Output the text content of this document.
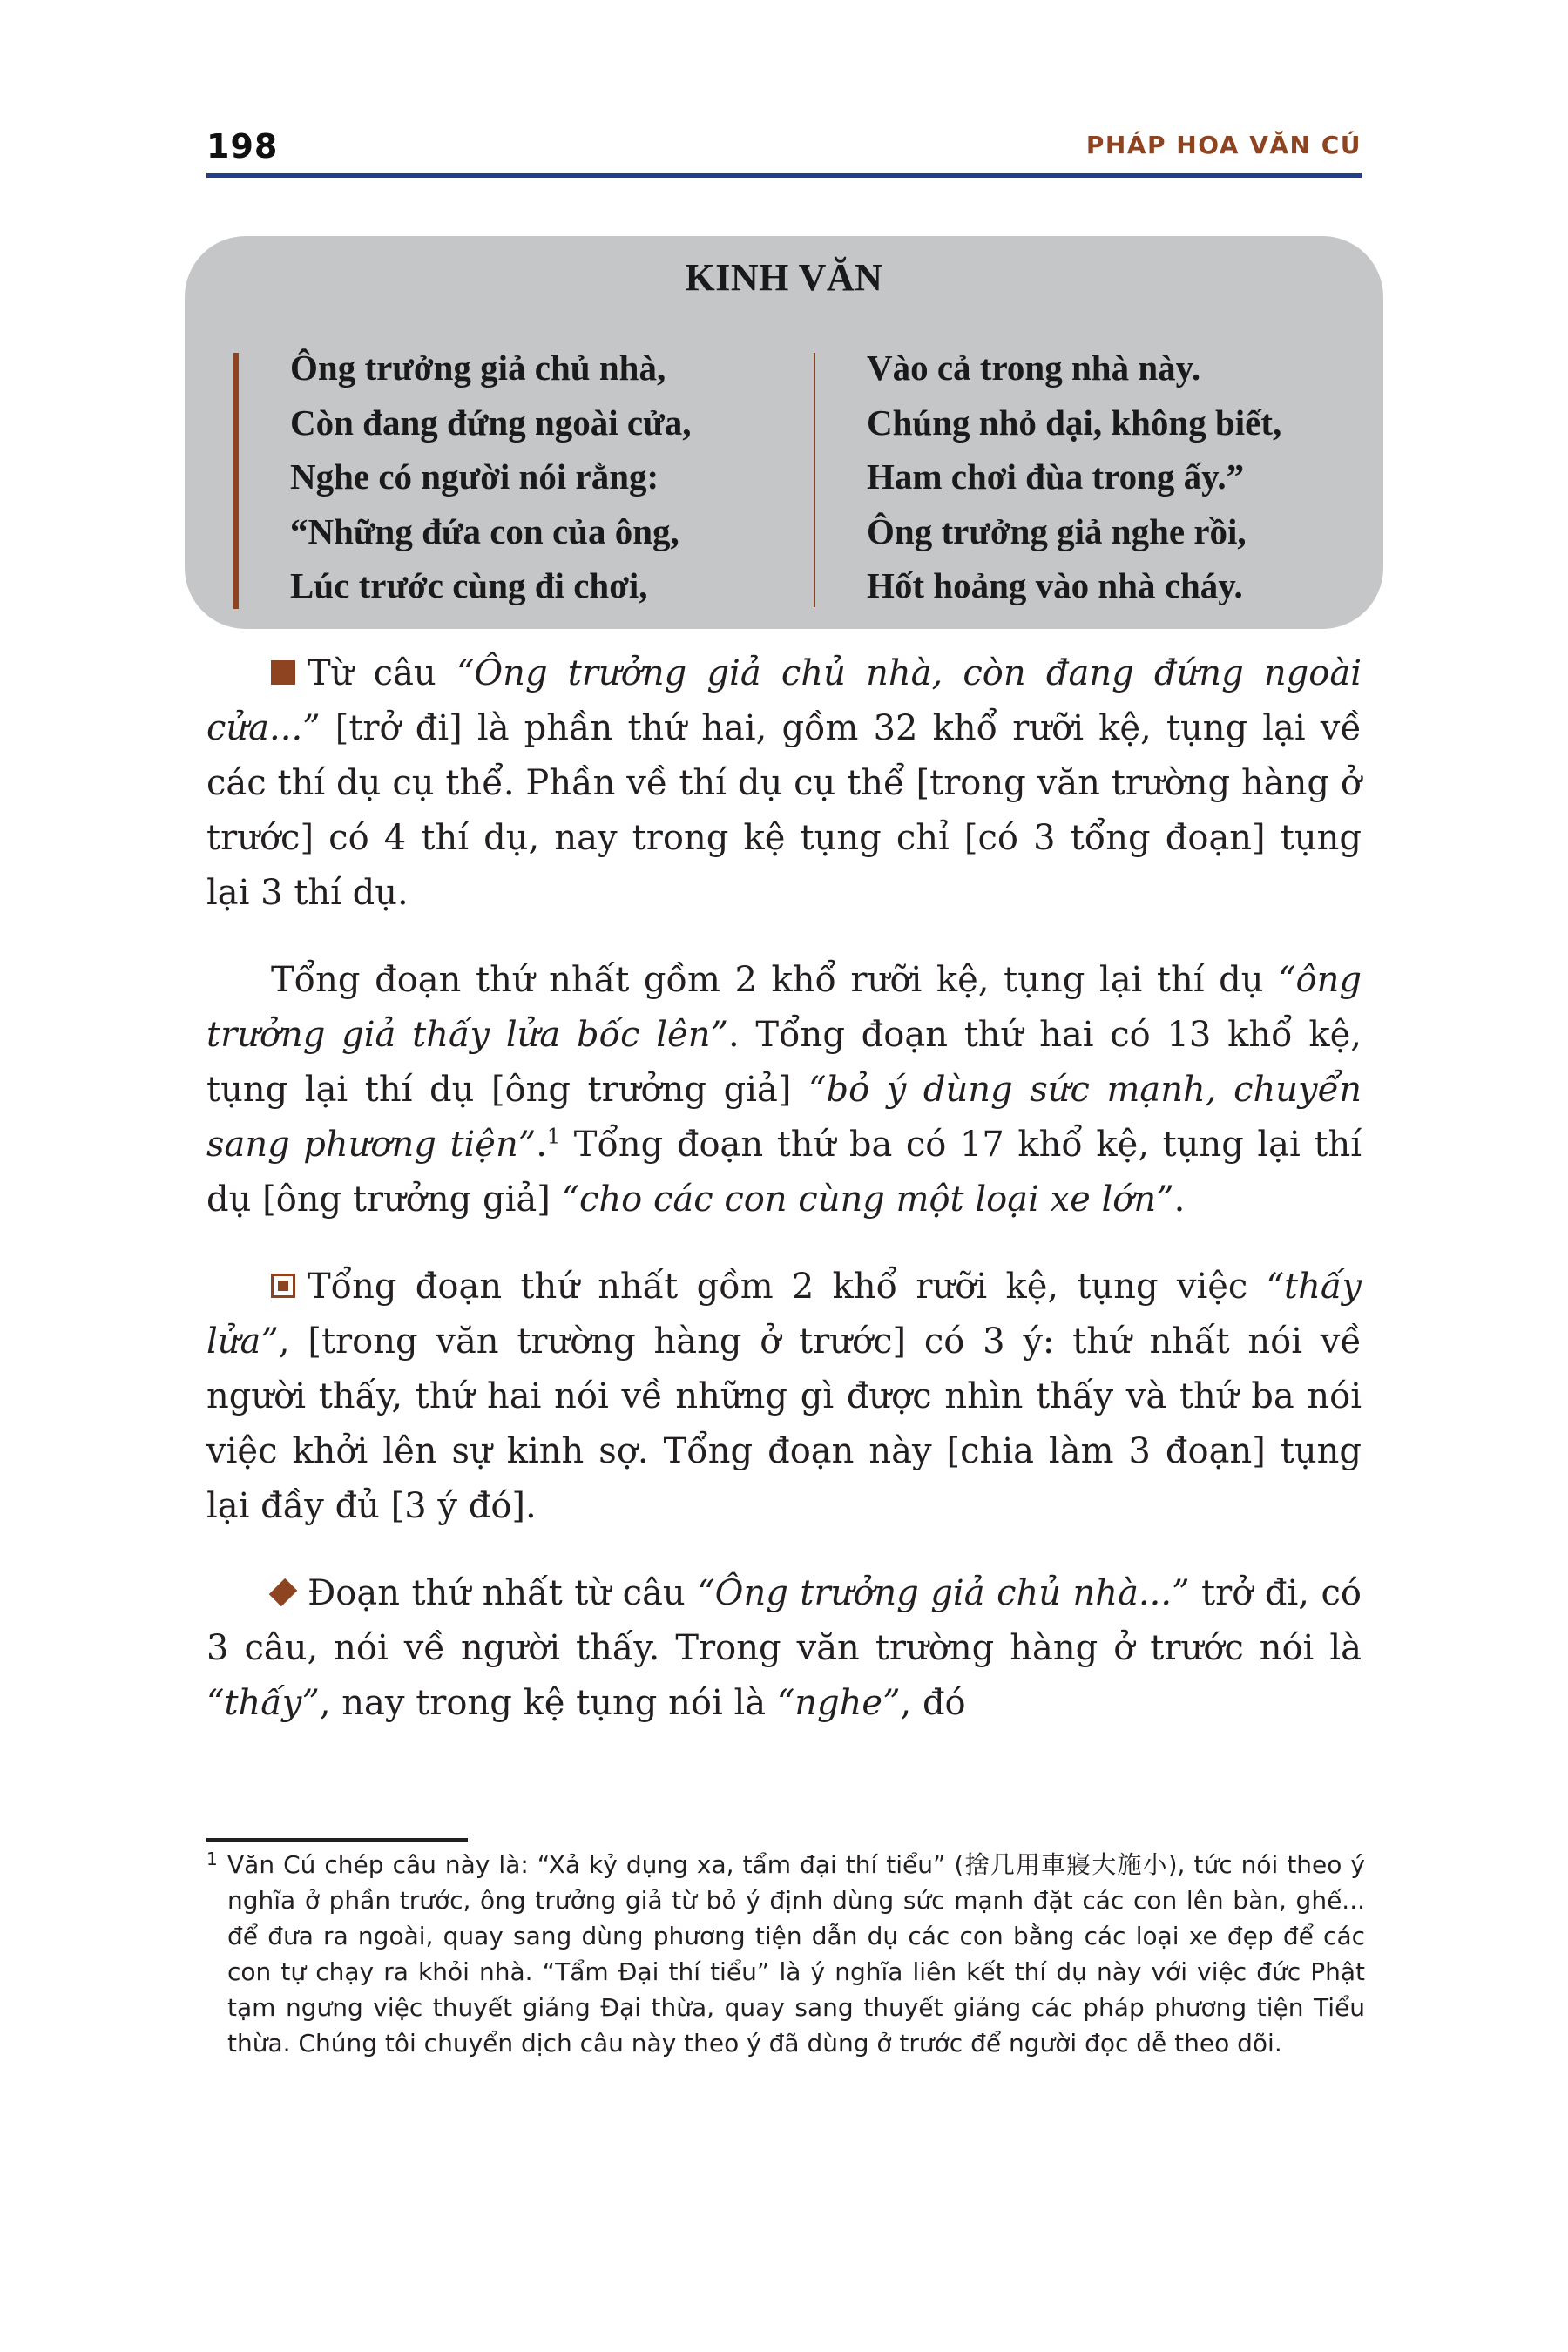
198	PHÁP HOA VĂN CÚ
KINH VĂN
Ông trưởng giả chủ nhà,
Còn đang đứng ngoài cửa,
Nghe có người nói rằng:
“Những đứa con của ông,
Lúc trước cùng đi chơi,
Vào cả trong nhà này.
Chúng nhỏ dại, không biết,
Ham chơi đùa trong ấy.”
Ông trưởng giả nghe rồi,
Hốt hoảng vào nhà cháy.

Từ câu “Ông trưởng giả chủ nhà, còn đang đứng ngoài cửa...” [trở đi] là phần thứ hai, gồm 32 khổ rưỡi kệ, tụng lại về các thí dụ cụ thể. Phần về thí dụ cụ thể [trong văn trường hàng ở trước] có 4 thí dụ, nay trong kệ tụng chỉ [có 3 tổng đoạn] tụng lại 3 thí dụ.

Tổng đoạn thứ nhất gồm 2 khổ rưỡi kệ, tụng lại thí dụ “ông trưởng giả thấy lửa bốc lên”. Tổng đoạn thứ hai có 13 khổ kệ, tụng lại thí dụ [ông trưởng giả] “bỏ ý dùng sức mạnh, chuyển sang phương tiện”.$^1$ Tổng đoạn thứ ba có 17 khổ kệ, tụng lại thí dụ [ông trưởng giả] “cho các con cùng một loại xe lớn”.

Tổng đoạn thứ nhất gồm 2 khổ rưỡi kệ, tụng việc “thấy lửa”, [trong văn trường hàng ở trước] có 3 ý: thứ nhất nói về người thấy, thứ hai nói về những gì được nhìn thấy và thứ ba nói việc khởi lên sự kinh sợ. Tổng đoạn này [chia làm 3 đoạn] tụng lại đầy đủ [3 ý đó].

Đoạn thứ nhất từ câu “Ông trưởng giả chủ nhà...” trở đi, có 3 câu, nói về người thấy. Trong văn trường hàng ở trước nói là “thấy”, nay trong kệ tụng nói là “nghe”, đó

1 Văn Cú chép câu này là: “Xả kỷ dụng xa, tẩm đại thí tiểu” (捨几用車寢大施小), tức nói theo ý nghĩa ở phần trước, ông trưởng giả từ bỏ ý định dùng sức mạnh đặt các con lên bàn, ghế... để đưa ra ngoài, quay sang dùng phương tiện dẫn dụ các con bằng các loại xe đẹp để các con tự chạy ra khỏi nhà. “Tẩm Đại thí tiểu” là ý nghĩa liên kết thí dụ này với việc đức Phật tạm ngưng việc thuyết giảng Đại thừa, quay sang thuyết giảng các pháp phương tiện Tiểu thừa. Chúng tôi chuyển dịch câu này theo ý đã dùng ở trước để người đọc dễ theo dõi.
